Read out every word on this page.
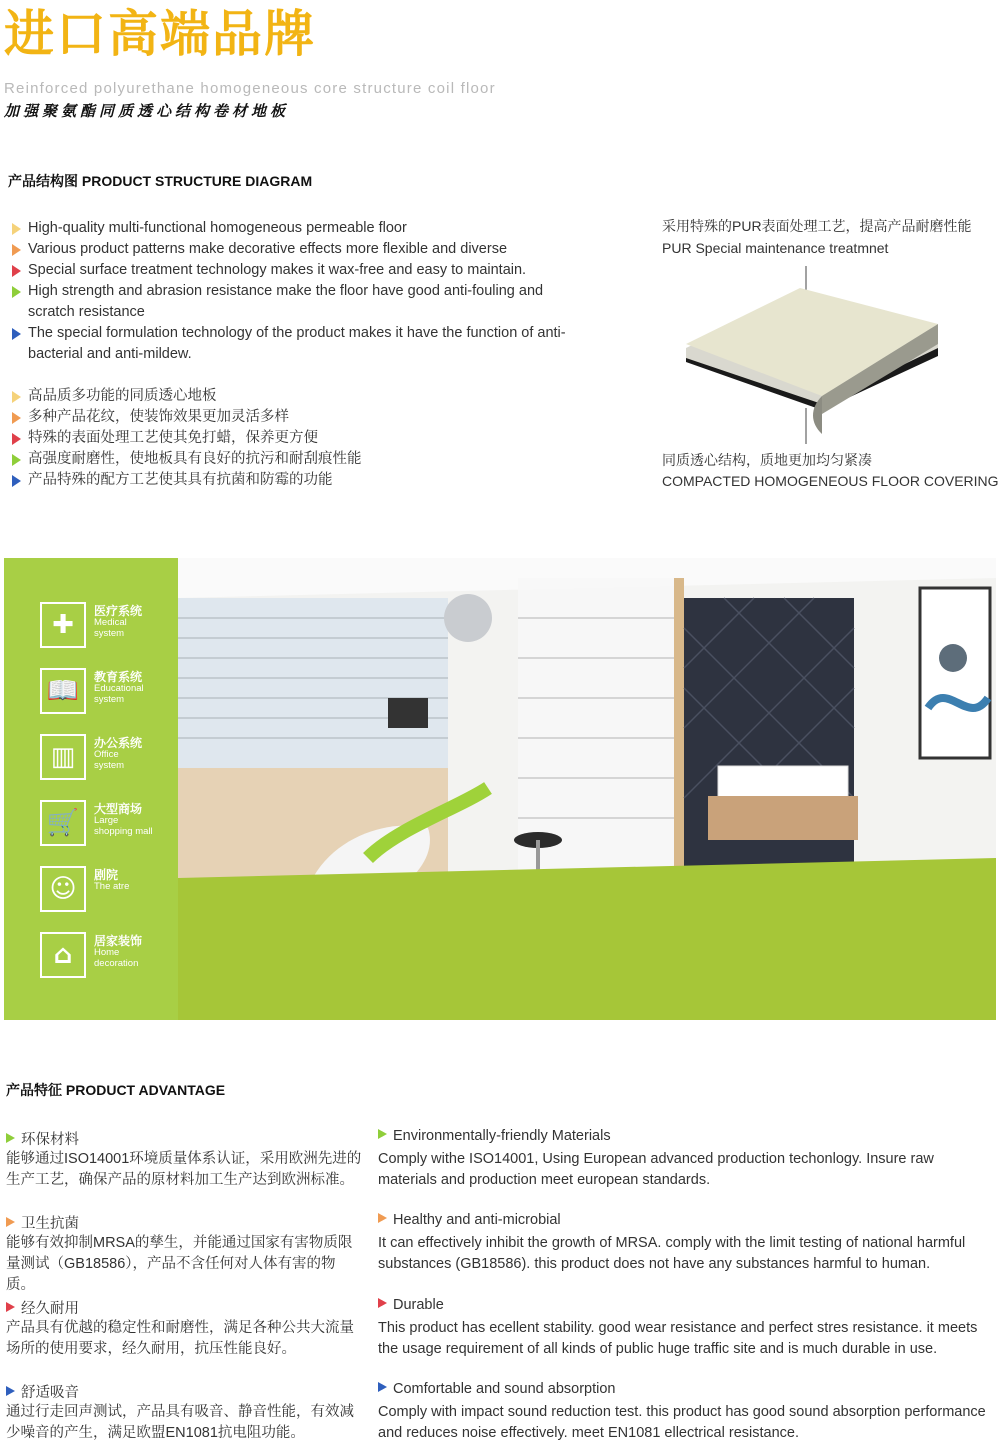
进口高端品牌
Reinforced polyurethane homogeneous core structure coil floor
加强聚氨酯同质透心结构卷材地板
产品结构图 PRODUCT STRUCTURE DIAGRAM
High-quality multi-functional homogeneous permeable floor
Various product patterns make decorative effects more flexible and diverse
Special surface treatment technology makes it wax-free and easy to maintain.
High strength and abrasion resistance make the floor have good anti-fouling and scratch resistance
The special formulation technology of the product makes it have the function of anti-bacterial and anti-mildew.
高品质多功能的同质透心地板
多种产品花纹，使装饰效果更加灵活多样
特殊的表面处理工艺使其免打蜡，保养更方便
高强度耐磨性，使地板具有良好的抗污和耐刮痕性能
产品特殊的配方工艺使其具有抗菌和防霉的功能
采用特殊的PUR表面处理工艺，提高产品耐磨性能
PUR Special maintenance treatmnet
同质透心结构，质地更加均匀紧凑
COMPACTED HOMOGENEOUS FLOOR COVERING
✚	医疗系统
Medical
system
📖	教育系统
Educational
system
▥	办公系统
Office
system
🛒	大型商场
Large
shopping mall
☺	剧院
The atre
⌂	居家装饰
Home
decoration
产品特征 PRODUCT ADVANTAGE
环保材料
能够通过ISO14001环境质量体系认证，采用欧洲先进的生产工艺，确保产品的原材料加工生产达到欧洲标准。
Environmentally-friendly Materials
Comply withe ISO14001, Using European advanced production techonlogy. Insure raw materials and production meet european standards.
卫生抗菌
能够有效抑制MRSA的孳生，并能通过国家有害物质限量测试（GB18586），产品不含任何对人体有害的物质。
Healthy and anti-microbial
It can effectively inhibit the growth of MRSA. comply with the limit testing of national harmful substances (GB18586). this product does not have any substances harmful to human.
经久耐用
产品具有优越的稳定性和耐磨性，满足各种公共大流量场所的使用要求，经久耐用，抗压性能良好。
Durable
This product has ecellent stability. good wear resistance and perfect stres resistance. it meets the usage requirement of all kinds of public huge traffic site and is much durable in use.
舒适吸音
通过行走回声测试，产品具有吸音、静音性能，有效减少噪音的产生，满足欧盟EN1081抗电阻功能。
Comfortable and sound absorption
Comply with impact sound reduction test. this product has good sound absorption performance and reduces noise effectively. meet EN1081 ellectrical resistance.
